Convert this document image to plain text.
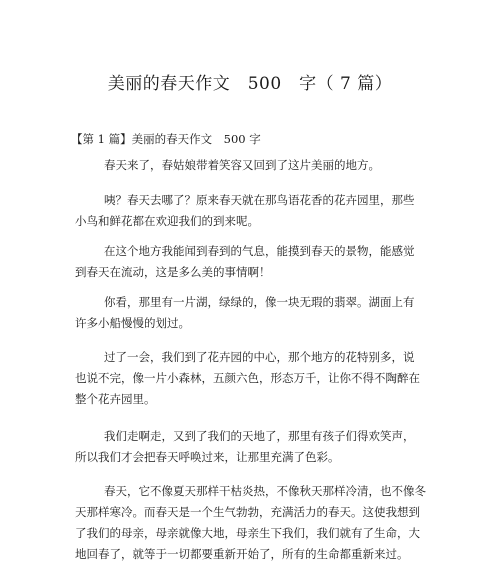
美丽的春天作文　500　字（ 7 篇）
【第 1 篇】美丽的春天作文　500 字

春天来了，春姑娘带着笑容又回到了这片美丽的地方。

咦？春天去哪了？原来春天就在那鸟语花香的花卉园里，那些
小鸟和鲜花都在欢迎我们的到来呢。

在这个地方我能闻到春到的气息，能摸到春天的景物，能感觉
到春天在流动，这是多么美的事情啊！

你看，那里有一片湖，绿绿的，像一块无瑕的翡翠。湖面上有
许多小船慢慢的划过。

过了一会，我们到了花卉园的中心，那个地方的花特别多，说
也说不完，像一片小森林，五颜六色，形态万千，让你不得不陶醉在
整个花卉园里。

我们走啊走，又到了我们的天地了，那里有孩子们得欢笑声，
所以我们才会把春天呼唤过来，让那里充满了色彩。

春天，它不像夏天那样干枯炎热，不像秋天那样冷清，也不像冬
天那样寒冷。而春天是一个生气勃勃，充满活力的春天。这使我想到
了我们的母亲，母亲就像大地，母亲生下我们，我们就有了生命，大
地回春了，就等于一切都要重新开始了，所有的生命都重新来过。
